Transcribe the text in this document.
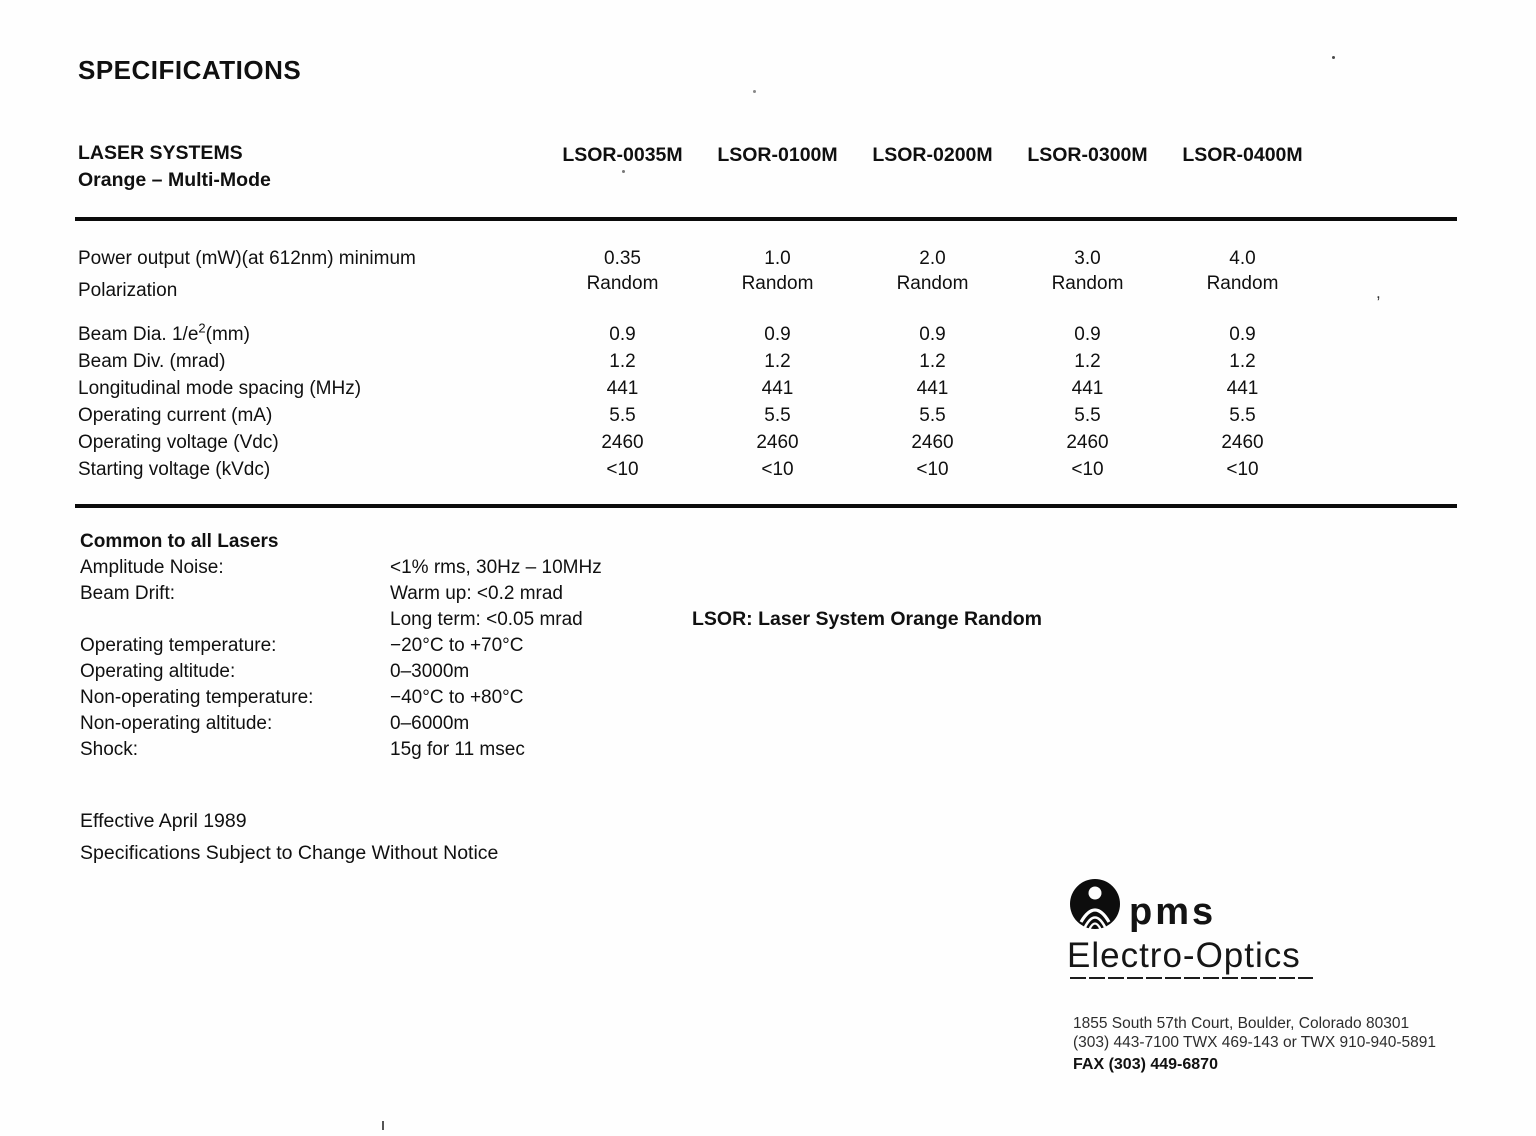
SPECIFICATIONS
LASER SYSTEMS
Orange – Multi-Mode
LSOR-0035M	LSOR-0100M	LSOR-0200M	LSOR-0300M	LSOR-0400M
Power output (mW)(at 612nm) minimum	0.35	1.0	2.0	3.0	4.0
Polarization	Random	Random	Random	Random	Random
Beam Dia. $1/e^2(mm)$	0.9	0.9	0.9	0.9	0.9
Beam Div. (mrad)	1.2	1.2	1.2	1.2	1.2
Longitudinal mode spacing (MHz)	441	441	441	441	441
Operating current (mA)	5.5	5.5	5.5	5.5	5.5
Operating voltage (Vdc)	2460	2460	2460	2460	2460
Starting voltage (kVdc)	<10	<10	<10	<10	<10
Common to all Lasers
Amplitude Noise:	<1% rms, 30Hz – 10MHz
Beam Drift:	Warm up: <0.2 mrad
Long term: <0.05 mrad
Operating temperature:	−20°C to +70°C
Operating altitude:	0–3000m
Non-operating temperature:	−40°C to +80°C
Non-operating altitude:	0–6000m
Shock:	15g for 11 msec
LSOR: Laser System Orange Random
Effective April 1989
Specifications Subject to Change Without Notice
pms
Electro-Optics
1855 South 57th Court, Boulder, Colorado 80301
(303) 443-7100 TWX 469-143 or TWX 910-940-5891
FAX (303) 449-6870
,
